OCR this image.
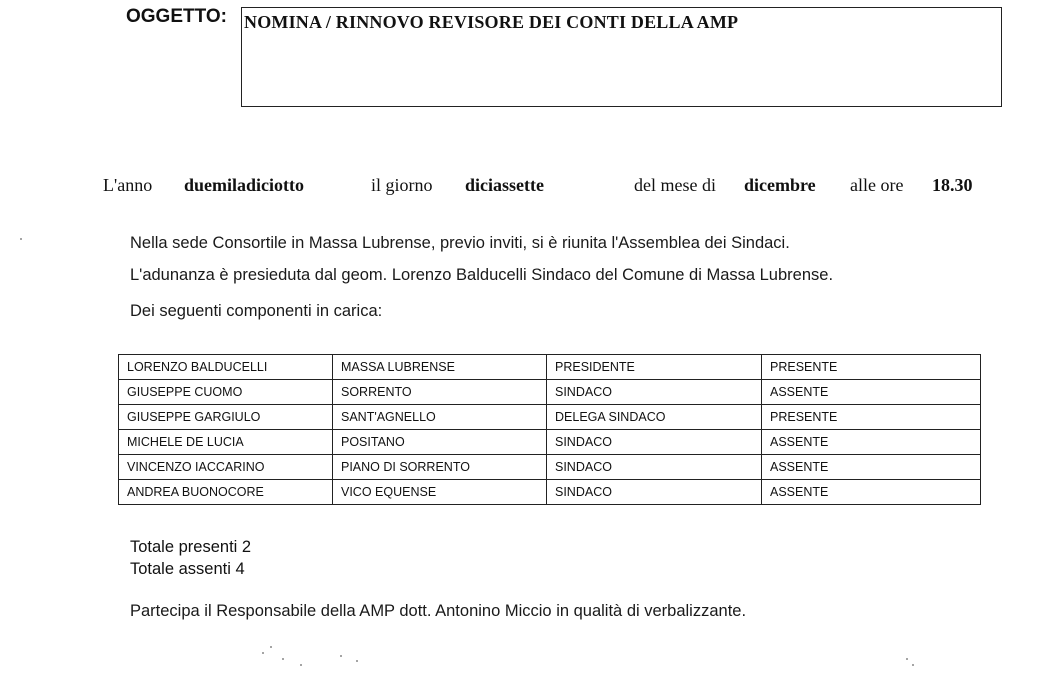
OGGETTO: NOMINA / RINNOVO REVISORE DEI CONTI DELLA AMP
L'anno duemiladiciotto	il giorno diciassette	del mese di dicembre alle ore 18.30
Nella sede Consortile in Massa Lubrense, previo inviti, si è riunita l'Assemblea dei Sindaci.
L'adunanza è presieduta dal geom. Lorenzo Balducelli Sindaco del Comune di Massa Lubrense.
Dei seguenti componenti in carica:
LORENZO BALDUCELLI	MASSA LUBRENSE	PRESIDENTE	PRESENTE
GIUSEPPE CUOMO	SORRENTO	SINDACO	ASSENTE
GIUSEPPE GARGIULO	SANT'AGNELLO	DELEGA SINDACO	PRESENTE
MICHELE DE LUCIA	POSITANO	SINDACO	ASSENTE
VINCENZO IACCARINO	PIANO DI SORRENTO	SINDACO	ASSENTE
ANDREA BUONOCORE	VICO EQUENSE	SINDACO	ASSENTE
Totale presenti 2
Totale assenti 4
Partecipa il Responsabile della AMP dott. Antonino Miccio in qualità di verbalizzante.
